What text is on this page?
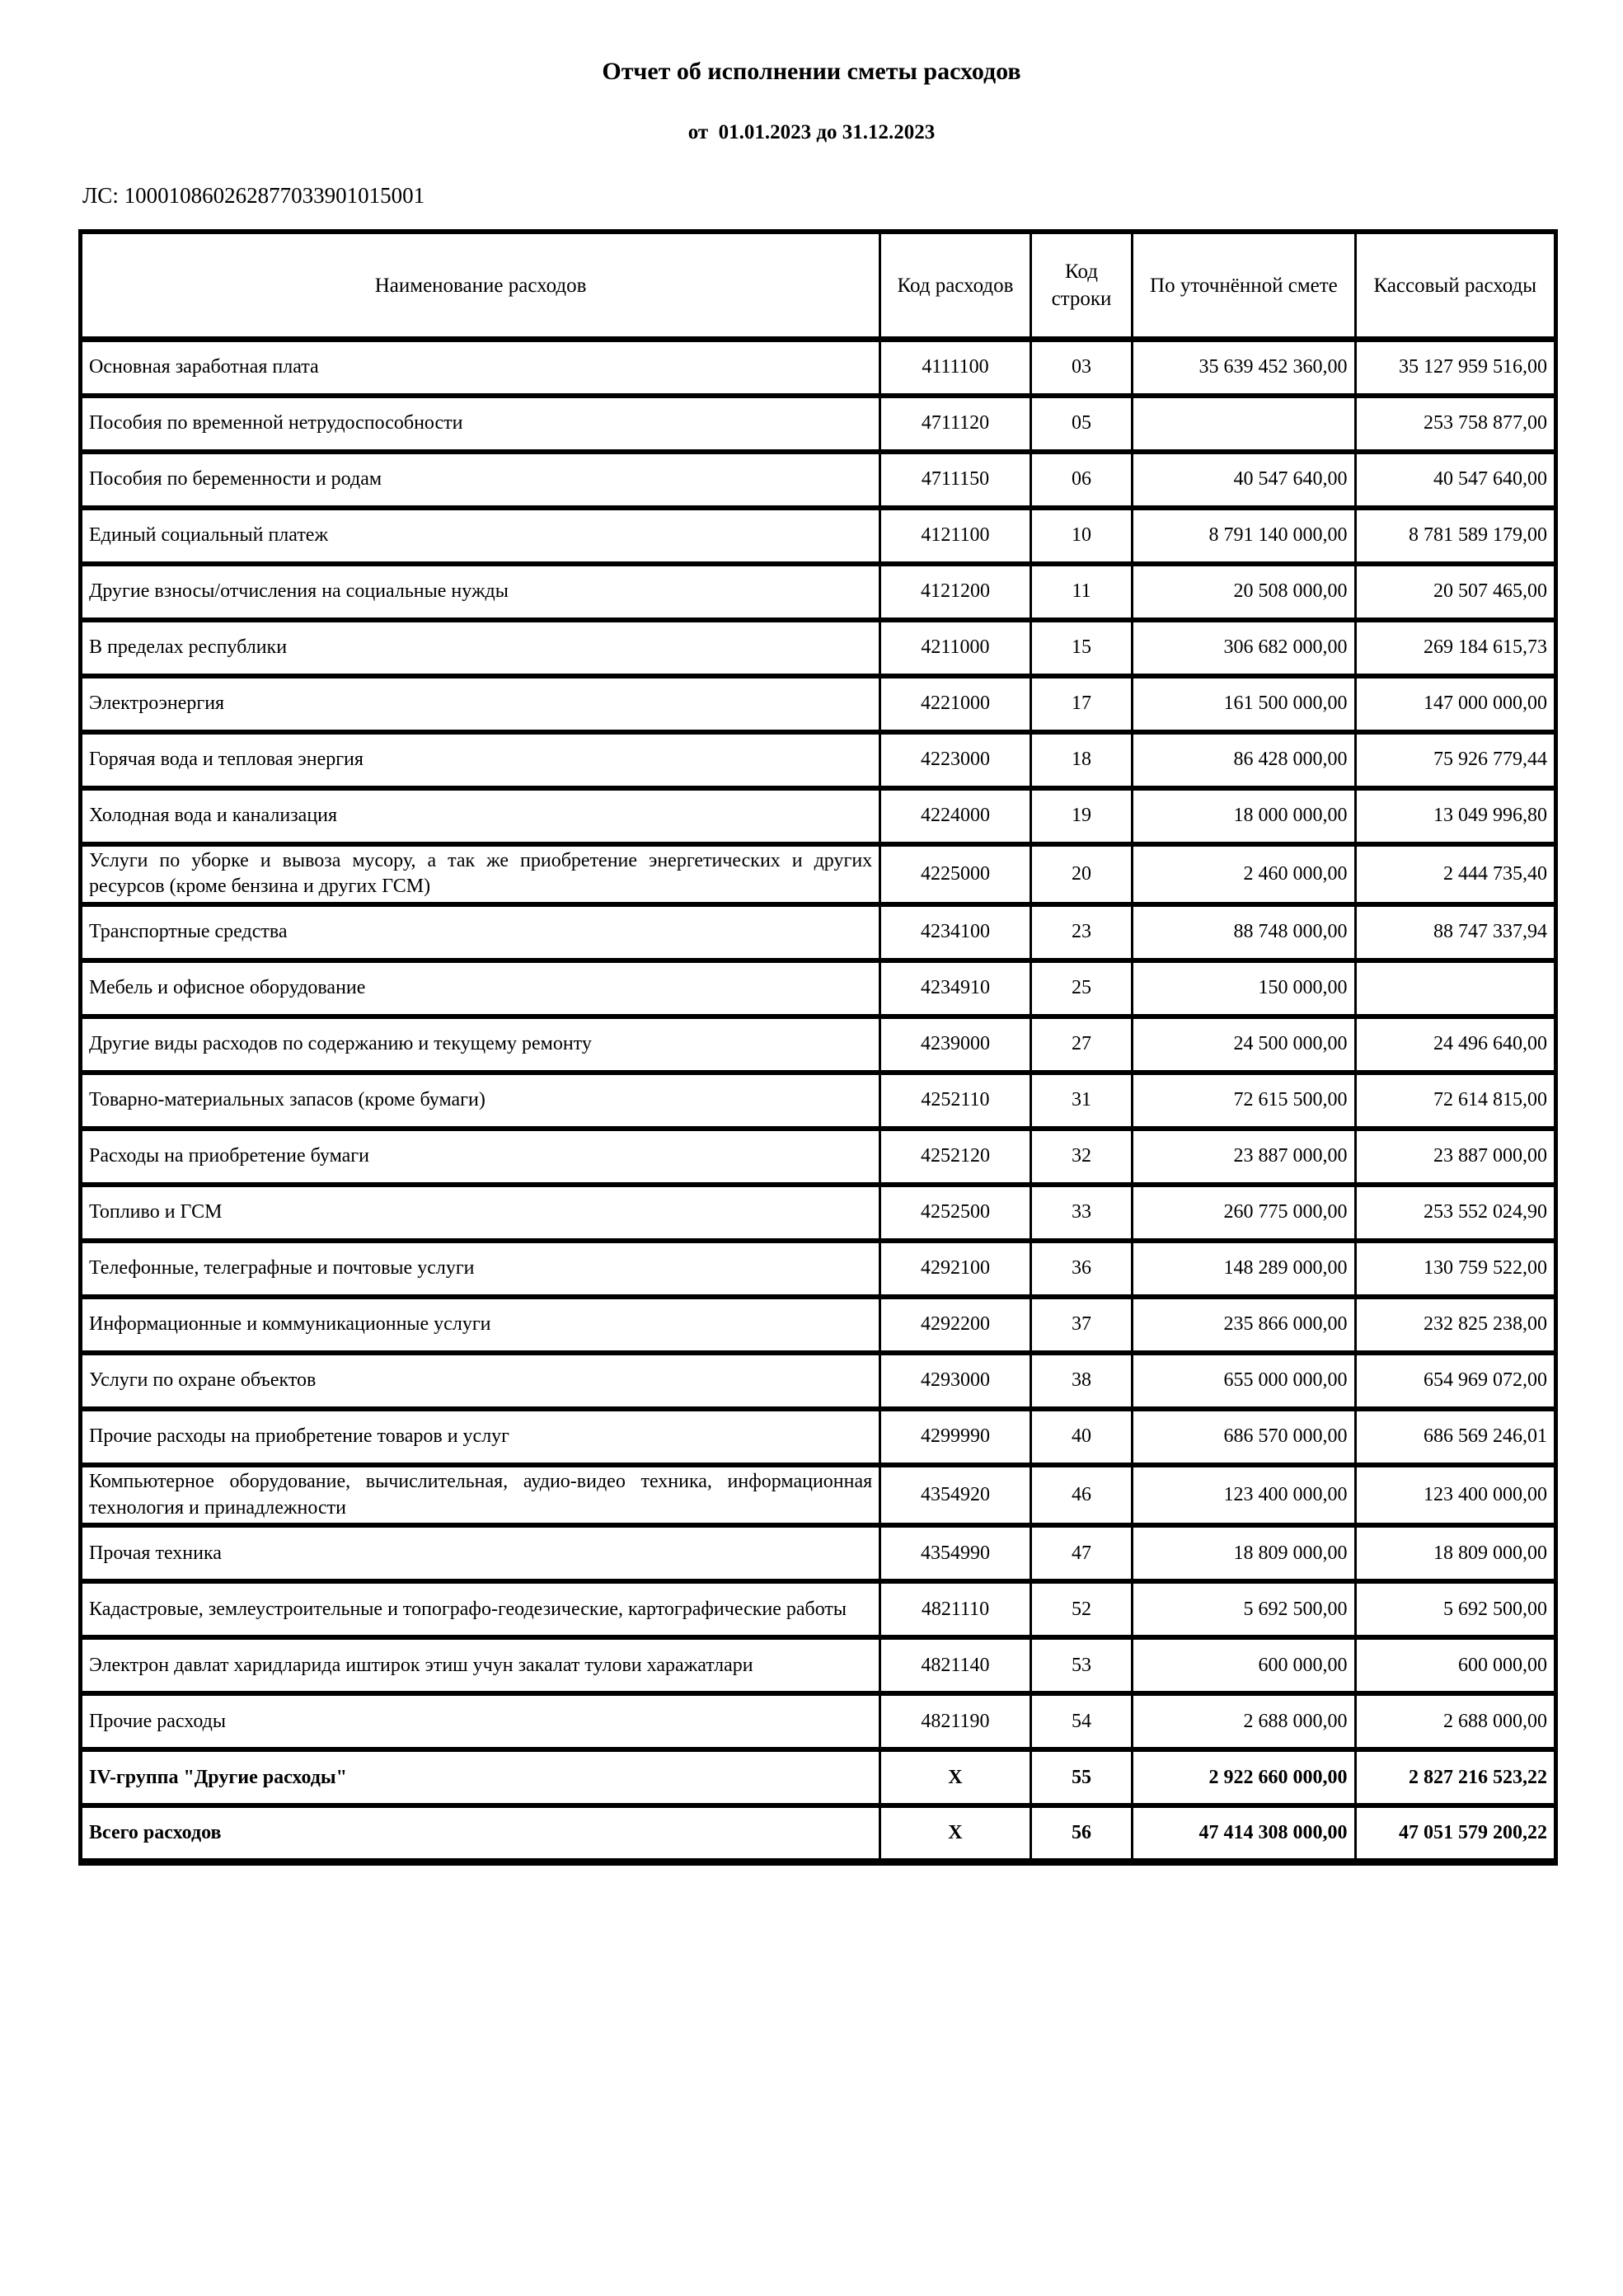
Отчет об исполнении сметы расходов
от  01.01.2023 до 31.12.2023
ЛС: 100010860262877033901015001
Наименование расходов	Код расходов	Код строки	По уточнённой смете	Кассовый расходы
Основная заработная плата	4111100	03	35 639 452 360,00	35 127 959 516,00
Пособия по временной нетрудоспособности	4711120	05		253 758 877,00
Пособия по беременности и родам	4711150	06	40 547 640,00	40 547 640,00
Единый социальный платеж	4121100	10	8 791 140 000,00	8 781 589 179,00
Другие взносы/отчисления на социальные нужды	4121200	11	20 508 000,00	20 507 465,00
В пределах республики	4211000	15	306 682 000,00	269 184 615,73
Электроэнергия	4221000	17	161 500 000,00	147 000 000,00
Горячая вода и тепловая энергия	4223000	18	86 428 000,00	75 926 779,44
Холодная вода и канализация	4224000	19	18 000 000,00	13 049 996,80
Услуги по уборке и вывоза мусору, а так же приобретение энергетических и других ресурсов (кроме бензина и других ГСМ)	4225000	20	2 460 000,00	2 444 735,40
Транспортные средства	4234100	23	88 748 000,00	88 747 337,94
Мебель и офисное оборудование	4234910	25	150 000,00	
Другие виды расходов по содержанию и текущему ремонту	4239000	27	24 500 000,00	24 496 640,00
Товарно-материальных запасов (кроме бумаги)	4252110	31	72 615 500,00	72 614 815,00
Расходы на приобретение бумаги	4252120	32	23 887 000,00	23 887 000,00
Топливо и ГСМ	4252500	33	260 775 000,00	253 552 024,90
Телефонные, телеграфные и почтовые услуги	4292100	36	148 289 000,00	130 759 522,00
Информационные и коммуникационные услуги	4292200	37	235 866 000,00	232 825 238,00
Услуги по охране объектов	4293000	38	655 000 000,00	654 969 072,00
Прочие расходы на приобретение товаров и услуг	4299990	40	686 570 000,00	686 569 246,01
Компьютерное оборудование, вычислительная, аудио-видео техника, информационная технология и принадлежности	4354920	46	123 400 000,00	123 400 000,00
Прочая техника	4354990	47	18 809 000,00	18 809 000,00
Кадастровые, землеустроительные и топографо-геодезические, картографические работы	4821110	52	5 692 500,00	5 692 500,00
Электрон давлат харидларида иштирок этиш учун закалат тулови харажатлари	4821140	53	600 000,00	600 000,00
Прочие расходы	4821190	54	2 688 000,00	2 688 000,00
IV-группа "Другие расходы"	X	55	2 922 660 000,00	2 827 216 523,22
Всего расходов	X	56	47 414 308 000,00	47 051 579 200,22
